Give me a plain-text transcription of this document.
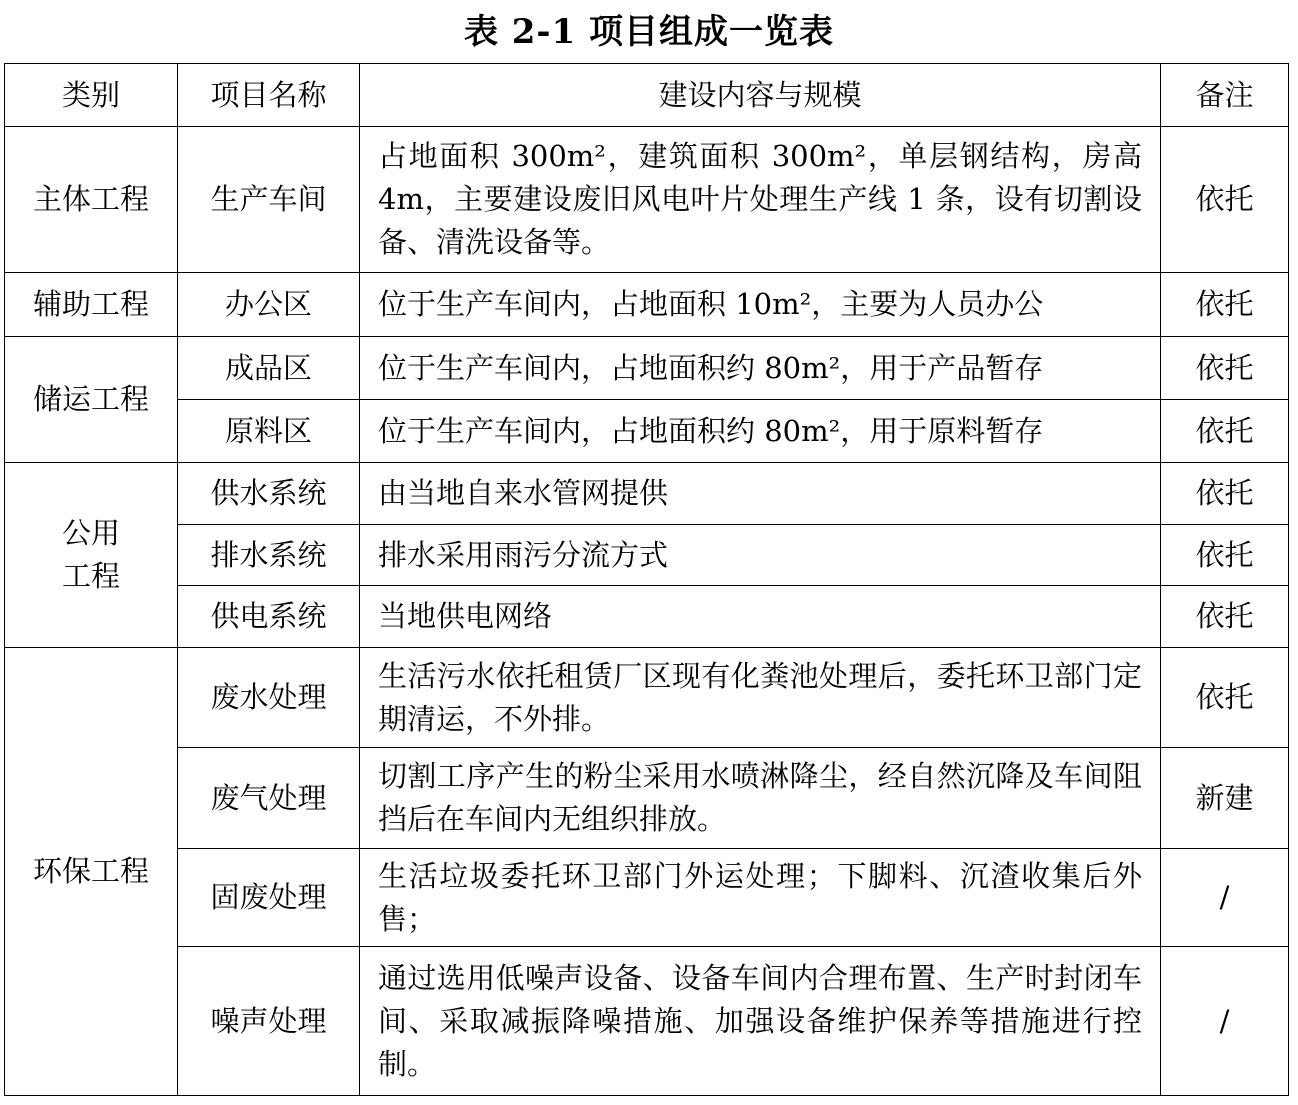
表 2-1 项目组成一览表
类别	项目名称	建设内容与规模	备注
主体工程	生产车间	占地面积 300m²，建筑面积 300m²，单层钢结构，房高 4m，主要建设废旧风电叶片处理生产线 1 条，设有切割设备、清洗设备等。	依托
辅助工程	办公区	位于生产车间内，占地面积 10m²，主要为人员办公	依托
储运工程	成品区	位于生产车间内，占地面积约 80m²，用于产品暂存	依托
	原料区	位于生产车间内，占地面积约 80m²，用于原料暂存	依托
公用工程	供水系统	由当地自来水管网提供	依托
	排水系统	排水采用雨污分流方式	依托
	供电系统	当地供电网络	依托
环保工程	废水处理	生活污水依托租赁厂区现有化粪池处理后，委托环卫部门定期清运，不外排。	依托
	废气处理	切割工序产生的粉尘采用水喷淋降尘，经自然沉降及车间阻挡后在车间内无组织排放。	新建
	固废处理	生活垃圾委托环卫部门外运处理；下脚料、沉渣收集后外售；	/
	噪声处理	通过选用低噪声设备、设备车间内合理布置、生产时封闭车间、采取减振降噪措施、加强设备维护保养等措施进行控制。	/
